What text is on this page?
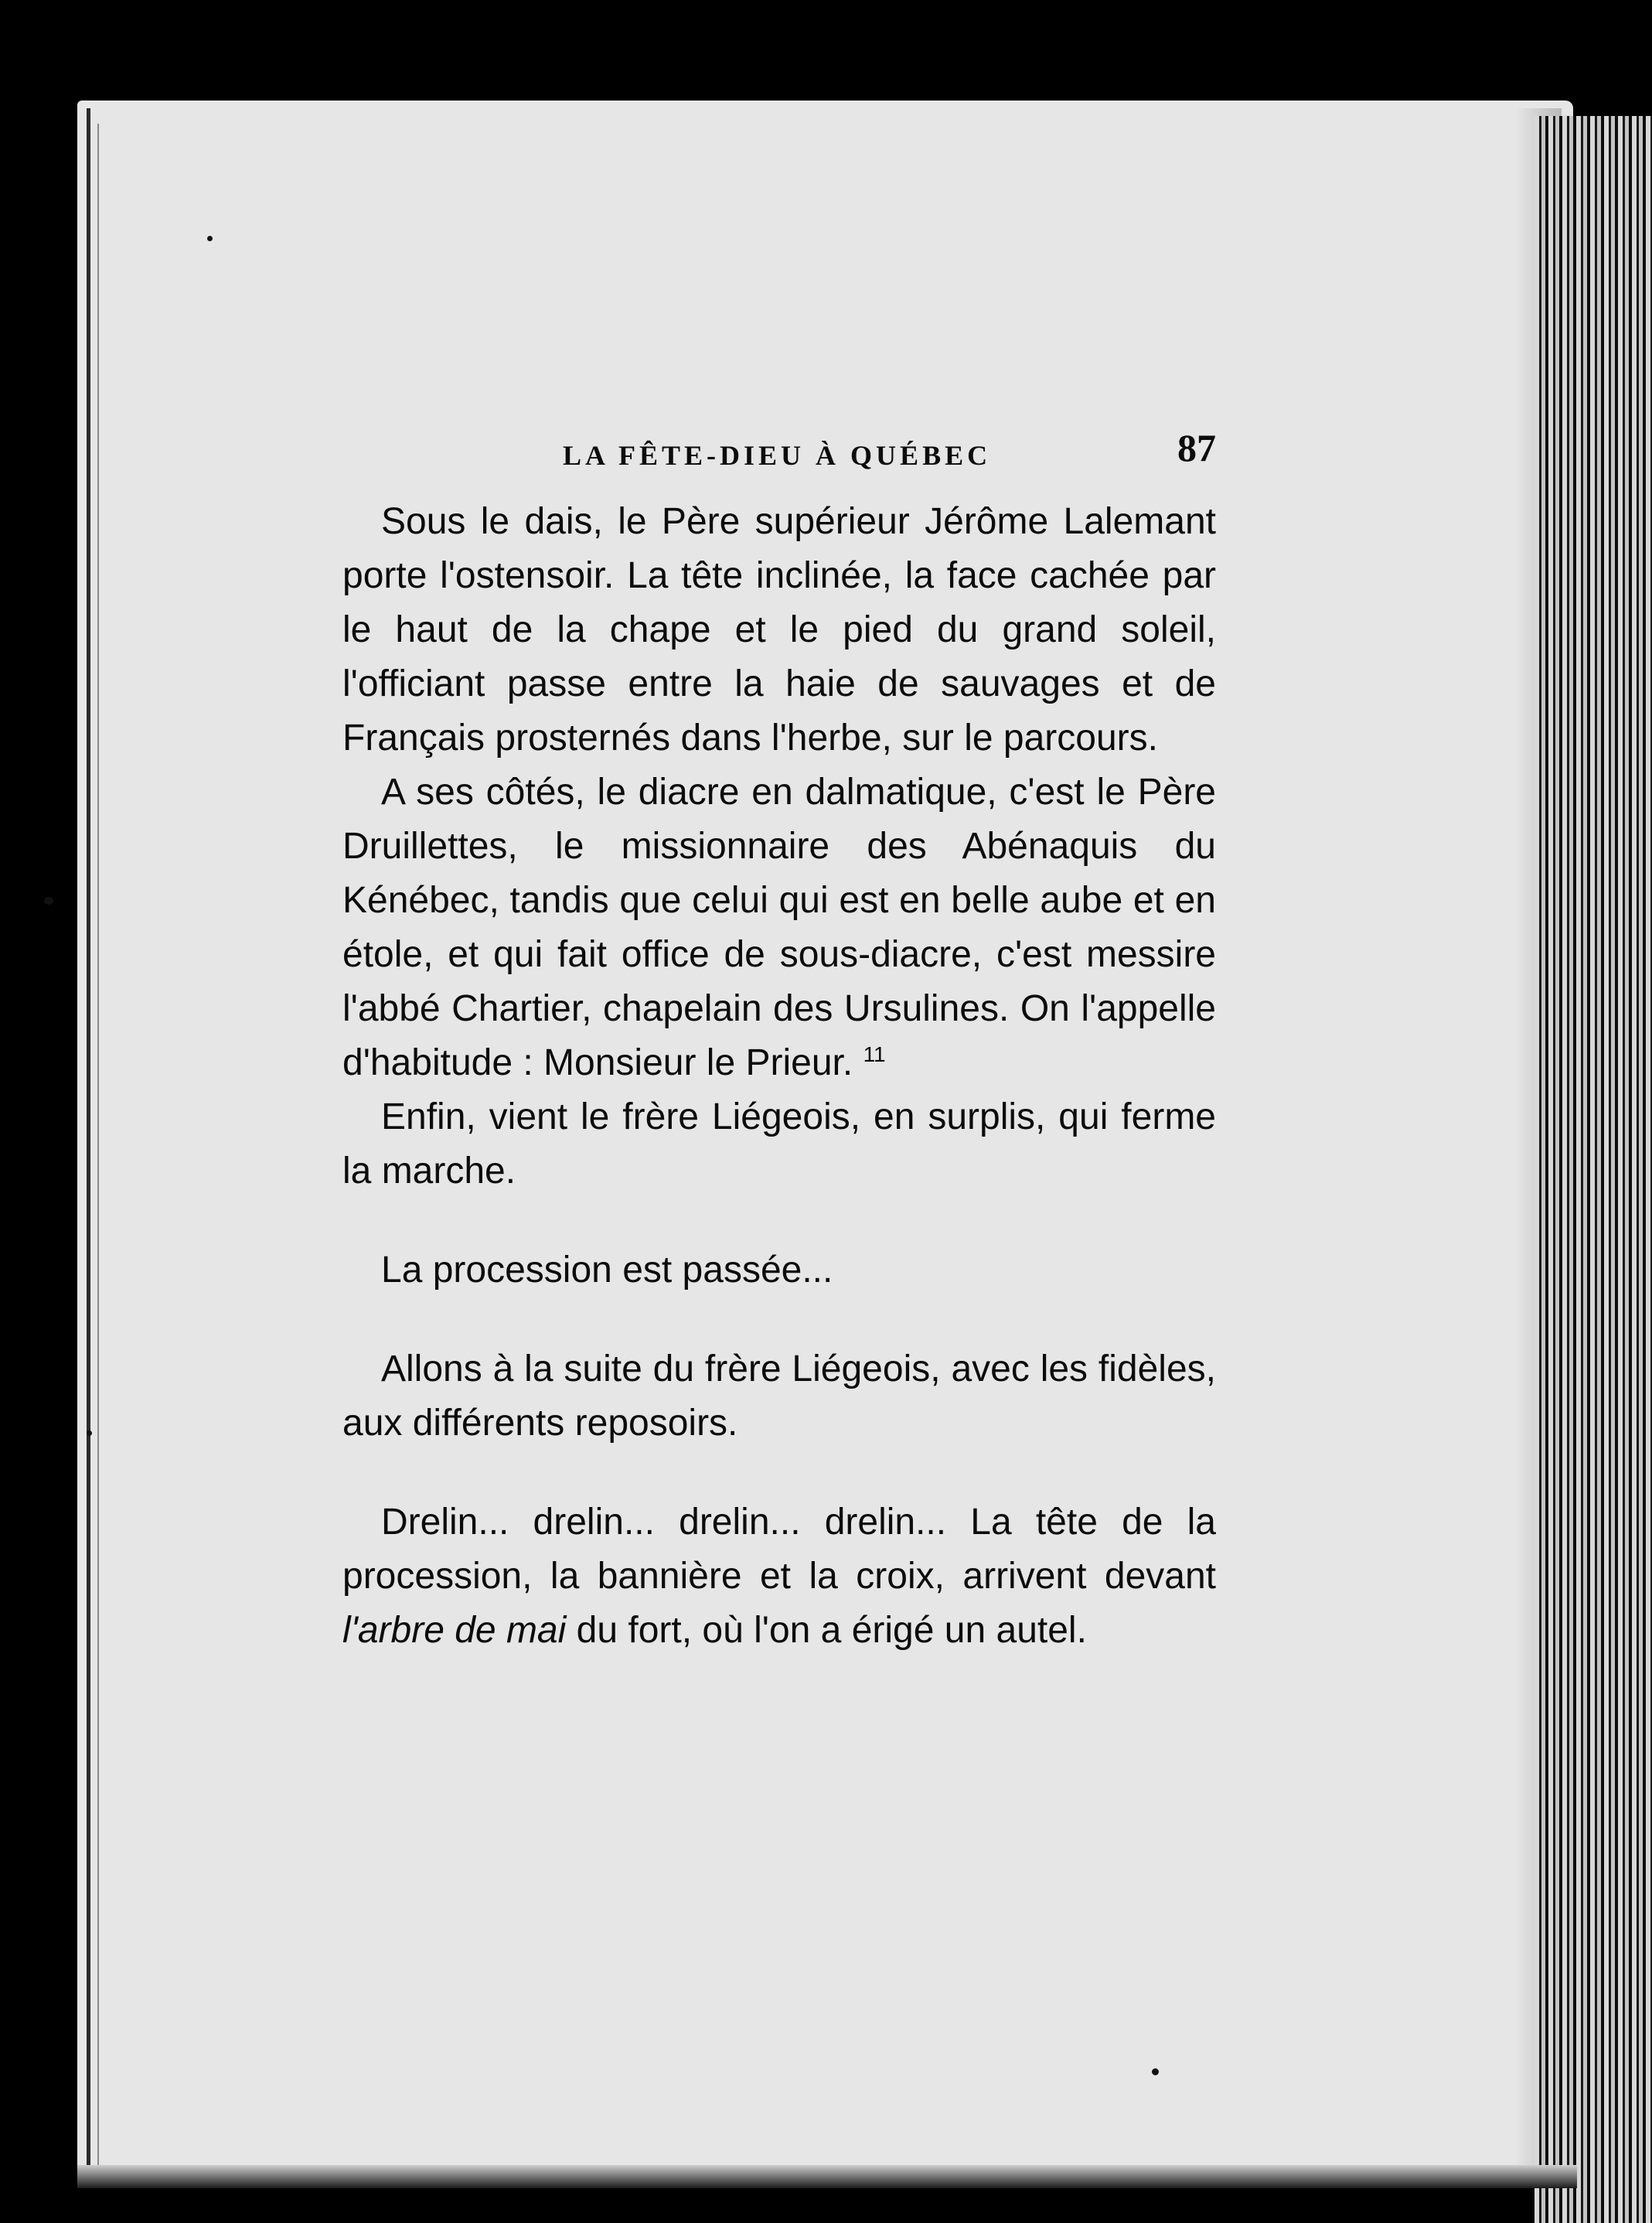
LA FÊTE-DIEU À QUÉBEC	87

Sous le dais, le Père supérieur Jérôme Lalemant porte l'ostensoir. La tête inclinée, la face cachée par le haut de la chape et le pied du grand soleil, l'officiant passe entre la haie de sauvages et de Français prosternés dans l'herbe, sur le parcours.

A ses côtés, le diacre en dalmatique, c'est le Père Druillettes, le missionnaire des Abénaquis du Kénébec, tandis que celui qui est en belle aube et en étole, et qui fait office de sous-diacre, c'est messire l'abbé Chartier, chapelain des Ursulines. On l'appelle d'habitude : Monsieur le Prieur. $^{11}$

Enfin, vient le frère Liégeois, en surplis, qui ferme la marche.

La procession est passée...

Allons à la suite du frère Liégeois, avec les fidèles, aux différents reposoirs.

Drelin... drelin... drelin... drelin... La tête de la procession, la bannière et la croix, arrivent devant l'arbre de mai du fort, où l'on a érigé un autel.
